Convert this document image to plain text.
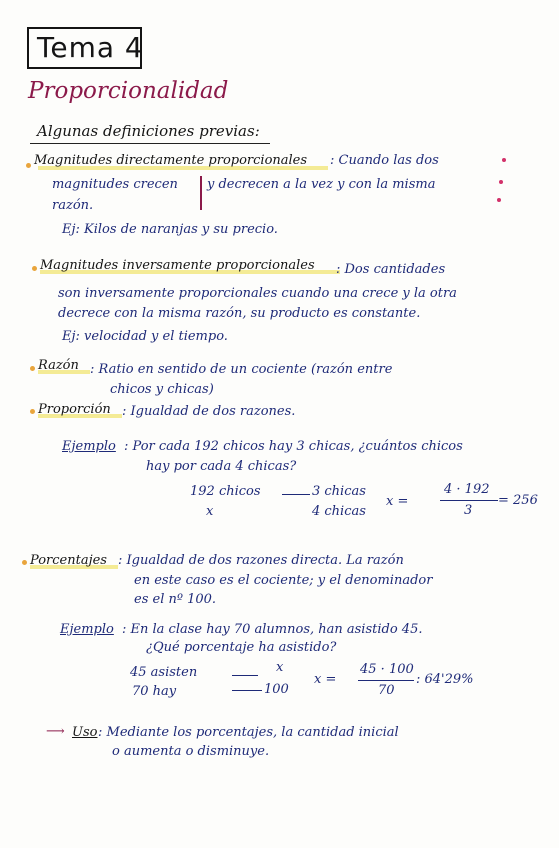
Tema 4
Proporcionalidad
Algunas definiciones previas:
Magnitudes directamente proporcionales : Cuando las dos
magnitudes crecen y decrecen a la vez y con la misma
razón.
Ej: Kilos de naranjas y su precio.
Magnitudes inversamente proporcionales : Dos cantidades
son inversamente proporcionales cuando una crece y la otra
decrece con la misma razón, su producto es constante.
Ej: velocidad y el tiempo.
Razón : Ratio en sentido de un cociente (razón entre
chicos y chicas)
Proporción : Igualdad de dos razones.
Ejemplo : Por cada 192 chicos hay 3 chicas, ¿cuántos chicos
hay por cada 4 chicas?
192 chicos	3 chicas
x	4 chicas
x =
4 · 192
3
= 256
Porcentajes : Igualdad de dos razones directa. La razón
en este caso es el cociente; y el denominador
es el nº 100.
Ejemplo : En la clase hay 70 alumnos, han asistido 45.
¿Qué porcentaje ha asistido?
45 asisten	x
70 hay	100
x =
45 · 100
70
: 64'29%
⟶ Uso : Mediante los porcentajes, la cantidad inicial
o aumenta o disminuye.
